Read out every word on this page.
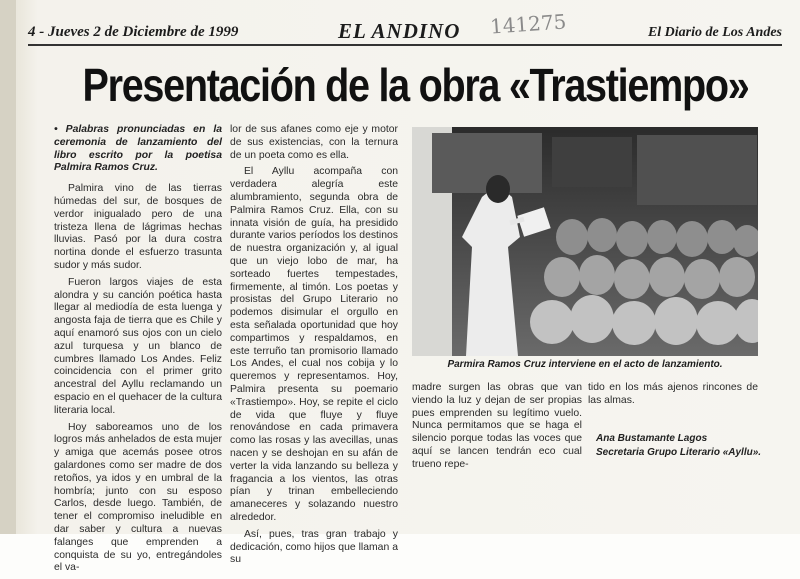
4 - Jueves 2 de Diciembre de 1999	EL ANDINO 141275	El Diario de Los Andes
Presentación de la obra «Trastiempo»

• Palabras pronunciadas en la ceremonia de lanzamiento del libro escrito por la poetisa Palmira Ramos Cruz.

Palmira vino de las tierras húmedas del sur, de bosques de verdor inigualado pero de una tristeza llena de lágrimas hechas lluvias. Pasó por la dura costra nortina donde el esfuerzo trasunta sudor y más sudor.

Fueron largos viajes de esta alondra y su canción poética hasta llegar al mediodía de esta luenga y angosta faja de tierra que es Chile y aquí enamoró sus ojos con un cielo azul turquesa y un blanco de cumbres llamado Los Andes. Feliz coincidencia con el primer grito ancestral del Ayllu reclamando un espacio en el quehacer de la cultura literaria local.

Hoy saboreamos uno de los logros más anhelados de esta mujer y amiga que acemás posee otros galardones como ser madre de dos retoños, ya idos y en umbral de la hombría; junto con su esposo Carlos, desde luego. También, de tener el compromiso ineludible en dar saber y cultura a nuevas falanges que emprenden a conquista de su yo, entregándoles el va-

lor de sus afanes como eje y motor de sus existencias, con la ternura de un poeta como es ella.

El Ayllu acompaña con verdadera alegría este alumbramiento, segunda obra de Palmira Ramos Cruz. Ella, con su innata visión de guía, ha presidido durante varios períodos los destinos de nuestra organización y, al igual que un viejo lobo de mar, ha sorteado fuertes tempestades, firmemente, al timón. Los poetas y prosistas del Grupo Literario no podemos disimular el orgullo en esta señalada oportunidad que hoy compartimos y respaldamos, en este terruño tan promisorio llamado Los Andes, el cual nos cobija y lo queremos y representamos. Hoy, Palmira presenta su poemario «Trastiempo». Hoy, se repite el ciclo de vida que fluye y fluye renovándose en cada primavera como las rosas y las avecillas, unas nacen y se deshojan en su afán de verter la vida lanzando su belleza y fragancia a los vientos, las otras pían y trinan embelleciendo amaneceres y solazando nuestro alrededor.

Así, pues, tras gran trabajo y dedicación, como hijos que llaman a su

Parmira Ramos Cruz interviene en el acto de lanzamiento.
madre surgen las obras que van viendo la luz y dejan de ser propias pues emprenden su legítimo vuelo. Nunca permitamos que se haga el silencio porque todas las voces que aquí se lancen tendrán eco cual trueno repe-
tido en los más ajenos rincones de las almas.
Ana Bustamante Lagos
Secretaria Grupo Literario «Ayllu».
